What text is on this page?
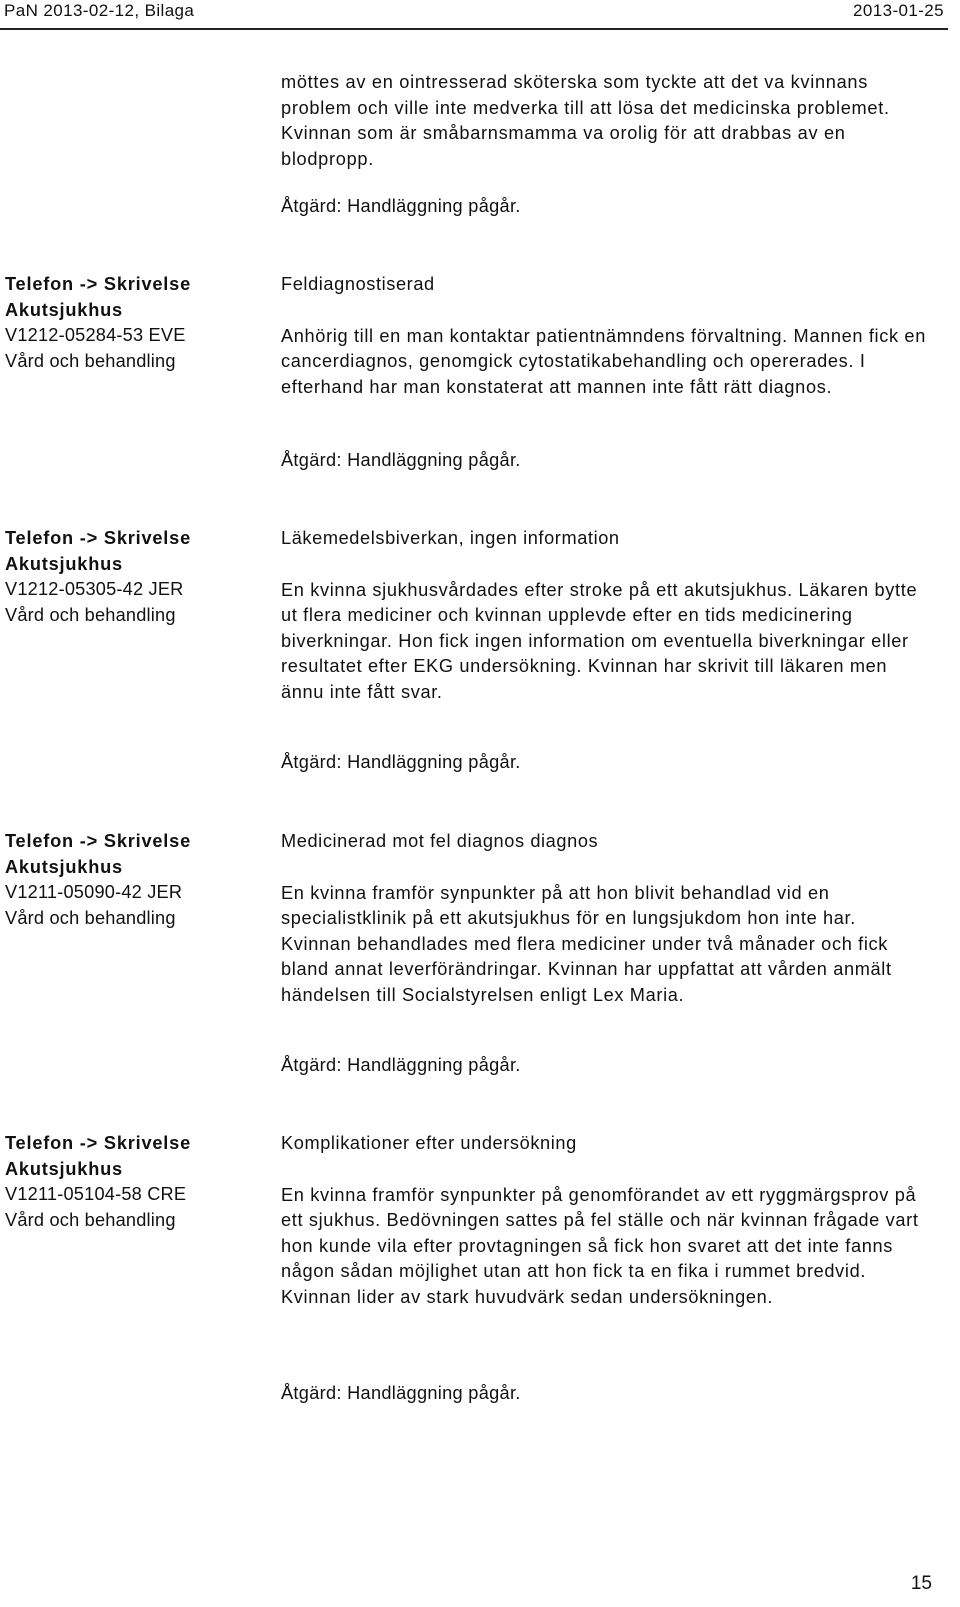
PaN 2013-02-12, Bilaga	2013-01-25
möttes av en ointresserad sköterska som tyckte att det va kvinnans problem och ville inte medverka till att lösa det medicinska problemet. Kvinnan som är småbarnsmamma va orolig för att drabbas av en blodpropp.
Åtgärd: Handläggning pågår.
Telefon -> Skrivelse
Akutsjukhus
V1212-05284-53 EVE
Vård och behandling
Feldiagnostiserad
Anhörig till en man kontaktar patientnämndens förvaltning. Mannen fick en cancerdiagnos, genomgick cytostatikabehandling och opererades. I efterhand har man konstaterat att mannen inte fått rätt diagnos.
Åtgärd: Handläggning pågår.
Telefon -> Skrivelse
Akutsjukhus
V1212-05305-42 JER
Vård och behandling
Läkemedelsbiverkan, ingen information
En kvinna sjukhusvårdades efter stroke på ett akutsjukhus. Läkaren bytte ut flera mediciner och kvinnan upplevde efter en tids medicinering biverkningar. Hon fick ingen information om eventuella biverkningar eller resultatet efter EKG undersökning. Kvinnan har skrivit till läkaren men ännu inte fått svar.
Åtgärd: Handläggning pågår.
Telefon -> Skrivelse
Akutsjukhus
V1211-05090-42 JER
Vård och behandling
Medicinerad mot fel diagnos diagnos
En kvinna framför synpunkter på att hon blivit behandlad vid en specialistklinik på ett akutsjukhus för en lungsjukdom hon inte har. Kvinnan behandlades med flera mediciner under två månader och fick bland annat leverförändringar. Kvinnan har uppfattat att vården anmält händelsen till Socialstyrelsen enligt Lex Maria.
Åtgärd: Handläggning pågår.
Telefon -> Skrivelse
Akutsjukhus
V1211-05104-58 CRE
Vård och behandling
Komplikationer efter undersökning
En kvinna framför synpunkter på genomförandet av ett ryggmärgsprov på ett sjukhus. Bedövningen sattes på fel ställe och när kvinnan frågade vart hon kunde vila efter provtagningen så fick hon svaret att det inte fanns någon sådan möjlighet utan att hon fick ta en fika i rummet bredvid. Kvinnan lider av stark huvudvärk sedan undersökningen.
Åtgärd: Handläggning pågår.
15
